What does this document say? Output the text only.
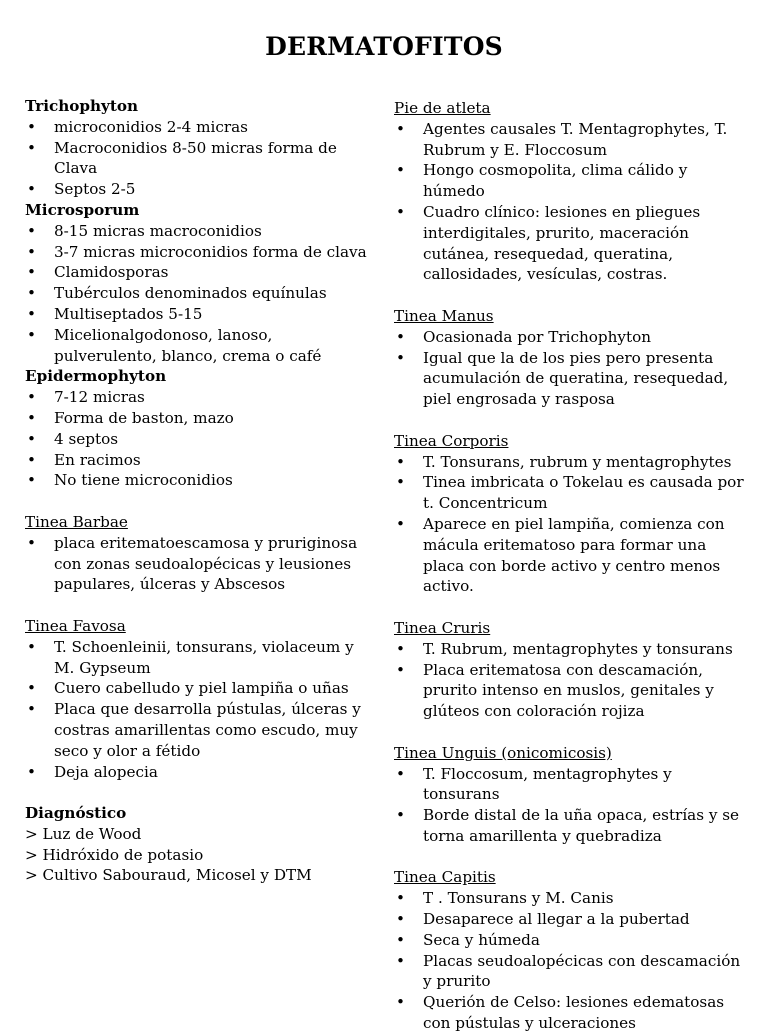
DERMATOFITOS
Trichophyton
• microconidios 2-4 micras
• Macroconidios 8-50 micras forma de Clava
• Septos 2-5
Microsporum
• 8-15 micras macroconidios
• 3-7 micras microconidios forma de clava
• Clamidosporas
• Tubérculos denominados equínulas
• Multiseptados 5-15
• Micelionalgodonoso, lanoso, pulverulento, blanco, crema o café
Epidermophyton
• 7-12 micras
• Forma de baston, mazo
• 4 septos
• En racimos
• No tiene microconidios
Tinea Barbae
• placa eritematoescamosa y pruriginosa con zonas seudoalopécicas y leusiones papulares, úlceras y Abscesos
Tinea Favosa
• T. Schoenleinii, tonsurans, violaceum y M. Gypseum
• Cuero cabelludo y piel lampiña o uñas
• Placa que desarrolla pústulas, úlceras y costras amarillentas como escudo, muy seco y olor a fétido
• Deja alopecia
Diagnóstico
> Luz de Wood
> Hidróxido de potasio
> Cultivo Sabouraud, Micosel y DTM
Pie de atleta
• Agentes causales T. Mentagrophytes, T. Rubrum y E. Floccosum
• Hongo cosmopolita, clima cálido y húmedo
• Cuadro clínico: lesiones en pliegues interdigitales, prurito, maceración cutánea, resequedad, queratina, callosidades, vesículas, costras.
Tinea Manus
• Ocasionada por Trichophyton
• Igual que la de los pies pero presenta acumulación de queratina, resequedad, piel engrosada y rasposa
Tinea Corporis
• T. Tonsurans, rubrum y mentagrophytes
• Tinea imbricata o Tokelau es causada por t. Concentricum
• Aparece en piel lampiña, comienza con mácula eritematoso para formar una placa con borde activo y centro menos activo.
Tinea Cruris
• T. Rubrum, mentagrophytes y tonsurans
• Placa eritematosa con descamación, prurito intenso en muslos, genitales y glúteos con coloración rojiza
Tinea Unguis (onicomicosis)
• T. Floccosum, mentagrophytes y tonsurans
• Borde distal de la uña opaca, estrías y se torna amarillenta y quebradiza
Tinea Capitis
• T . Tonsurans y M. Canis
• Desaparece al llegar a la pubertad
• Seca y húmeda
• Placas seudoalopécicas con descamación y prurito
• Querión de Celso: lesiones edematosas con pústulas y ulceraciones
